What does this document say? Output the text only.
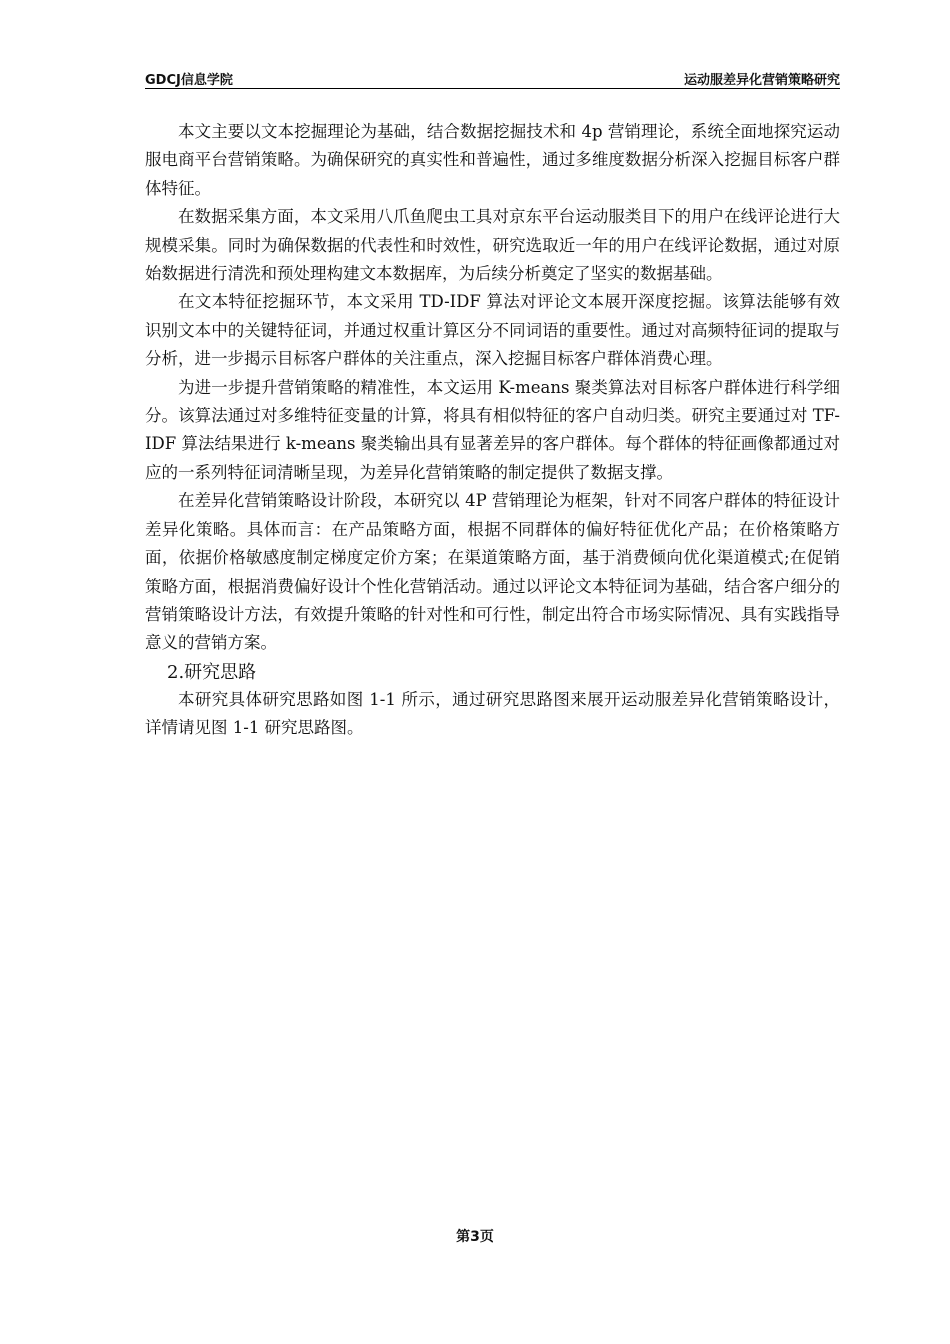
GDCJ信息学院	运动服差异化营销策略研究

本文主要以文本挖掘理论为基础，结合数据挖掘技术和 4p 营销理论，系统全面地探究运动服电商平台营销策略。为确保研究的真实性和普遍性，通过多维度数据分析深入挖掘目标客户群体特征。

在数据采集方面，本文采用八爪鱼爬虫工具对京东平台运动服类目下的用户在线评论进行大规模采集。同时为确保数据的代表性和时效性，研究选取近一年的用户在线评论数据，通过对原始数据进行清洗和预处理构建文本数据库，为后续分析奠定了坚实的数据基础。

在文本特征挖掘环节，本文采用 TD-IDF 算法对评论文本展开深度挖掘。该算法能够有效识别文本中的关键特征词，并通过权重计算区分不同词语的重要性。通过对高频特征词的提取与分析，进一步揭示目标客户群体的关注重点，深入挖掘目标客户群体消费心理。

为进一步提升营销策略的精准性，本文运用 K-means 聚类算法对目标客户群体进行科学细分。该算法通过对多维特征变量的计算，将具有相似特征的客户自动归类。研究主要通过对 TF-IDF 算法结果进行 k-means 聚类输出具有显著差异的客户群体。每个群体的特征画像都通过对应的一系列特征词清晰呈现，为差异化营销策略的制定提供了数据支撑。

在差异化营销策略设计阶段，本研究以 4P 营销理论为框架，针对不同客户群体的特征设计差异化策略。具体而言：在产品策略方面，根据不同群体的偏好特征优化产品；在价格策略方面，依据价格敏感度制定梯度定价方案；在渠道策略方面，基于消费倾向优化渠道模式;在促销策略方面，根据消费偏好设计个性化营销活动。通过以评论文本特征词为基础，结合客户细分的营销策略设计方法，有效提升策略的针对性和可行性，制定出符合市场实际情况、具有实践指导意义的营销方案。

2.研究思路

本研究具体研究思路如图 1-1 所示，通过研究思路图来展开运动服差异化营销策略设计，详情请见图 1-1 研究思路图。

第3页
